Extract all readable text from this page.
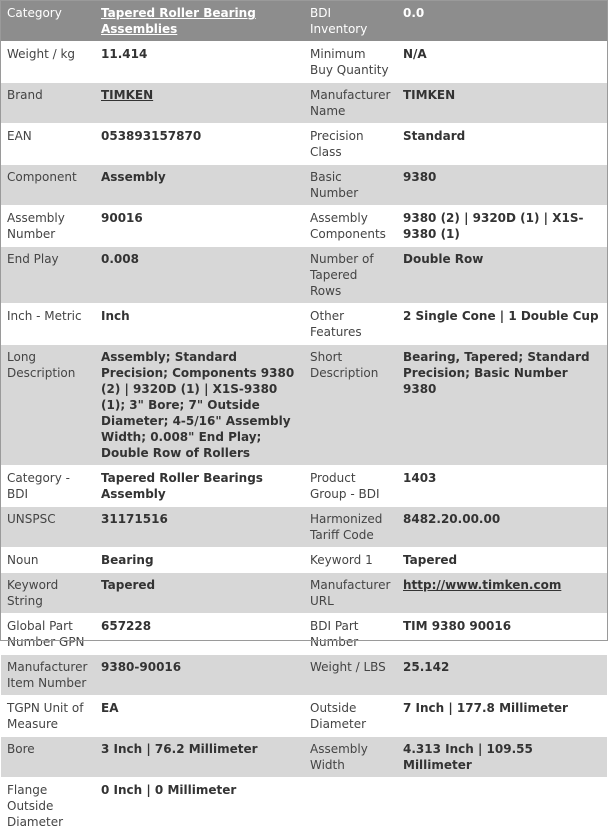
Category	Tapered Roller Bearing Assemblies	BDI Inventory	0.0
Weight / kg	11.414	Minimum Buy Quantity	N/A
Brand	TIMKEN	Manufacturer Name	TIMKEN
EAN	053893157870	Precision Class	Standard
Component	Assembly	Basic Number	9380
Assembly Number	90016	Assembly Components	9380 (2) | 9320D (1) | X1S-9380 (1)
End Play	0.008	Number of Tapered Rows	Double Row
Inch - Metric	Inch	Other Features	2 Single Cone | 1 Double Cup
Long Description	Assembly; Standard Precision; Components 9380 (2) | 9320D (1) | X1S-9380 (1); 3" Bore; 7" Outside Diameter; 4-5/16" Assembly Width; 0.008" End Play; Double Row of Rollers	Short Description	Bearing, Tapered; Standard Precision; Basic Number 9380
Category - BDI	Tapered Roller Bearings Assembly	Product Group - BDI	1403
UNSPSC	31171516	Harmonized Tariff Code	8482.20.00.00
Noun	Bearing	Keyword 1	Tapered
Keyword String	Tapered	Manufacturer URL	http://www.timken.com
Global Part Number GPN	657228	BDI Part Number	TIM 9380 90016
Manufacturer Item Number	9380-90016	Weight / LBS	25.142
TGPN Unit of Measure	EA	Outside Diameter	7 Inch | 177.8 Millimeter
Bore	3 Inch | 76.2 Millimeter	Assembly Width	4.313 Inch | 109.55 Millimeter
Flange Outside Diameter	0 Inch | 0 Millimeter		
